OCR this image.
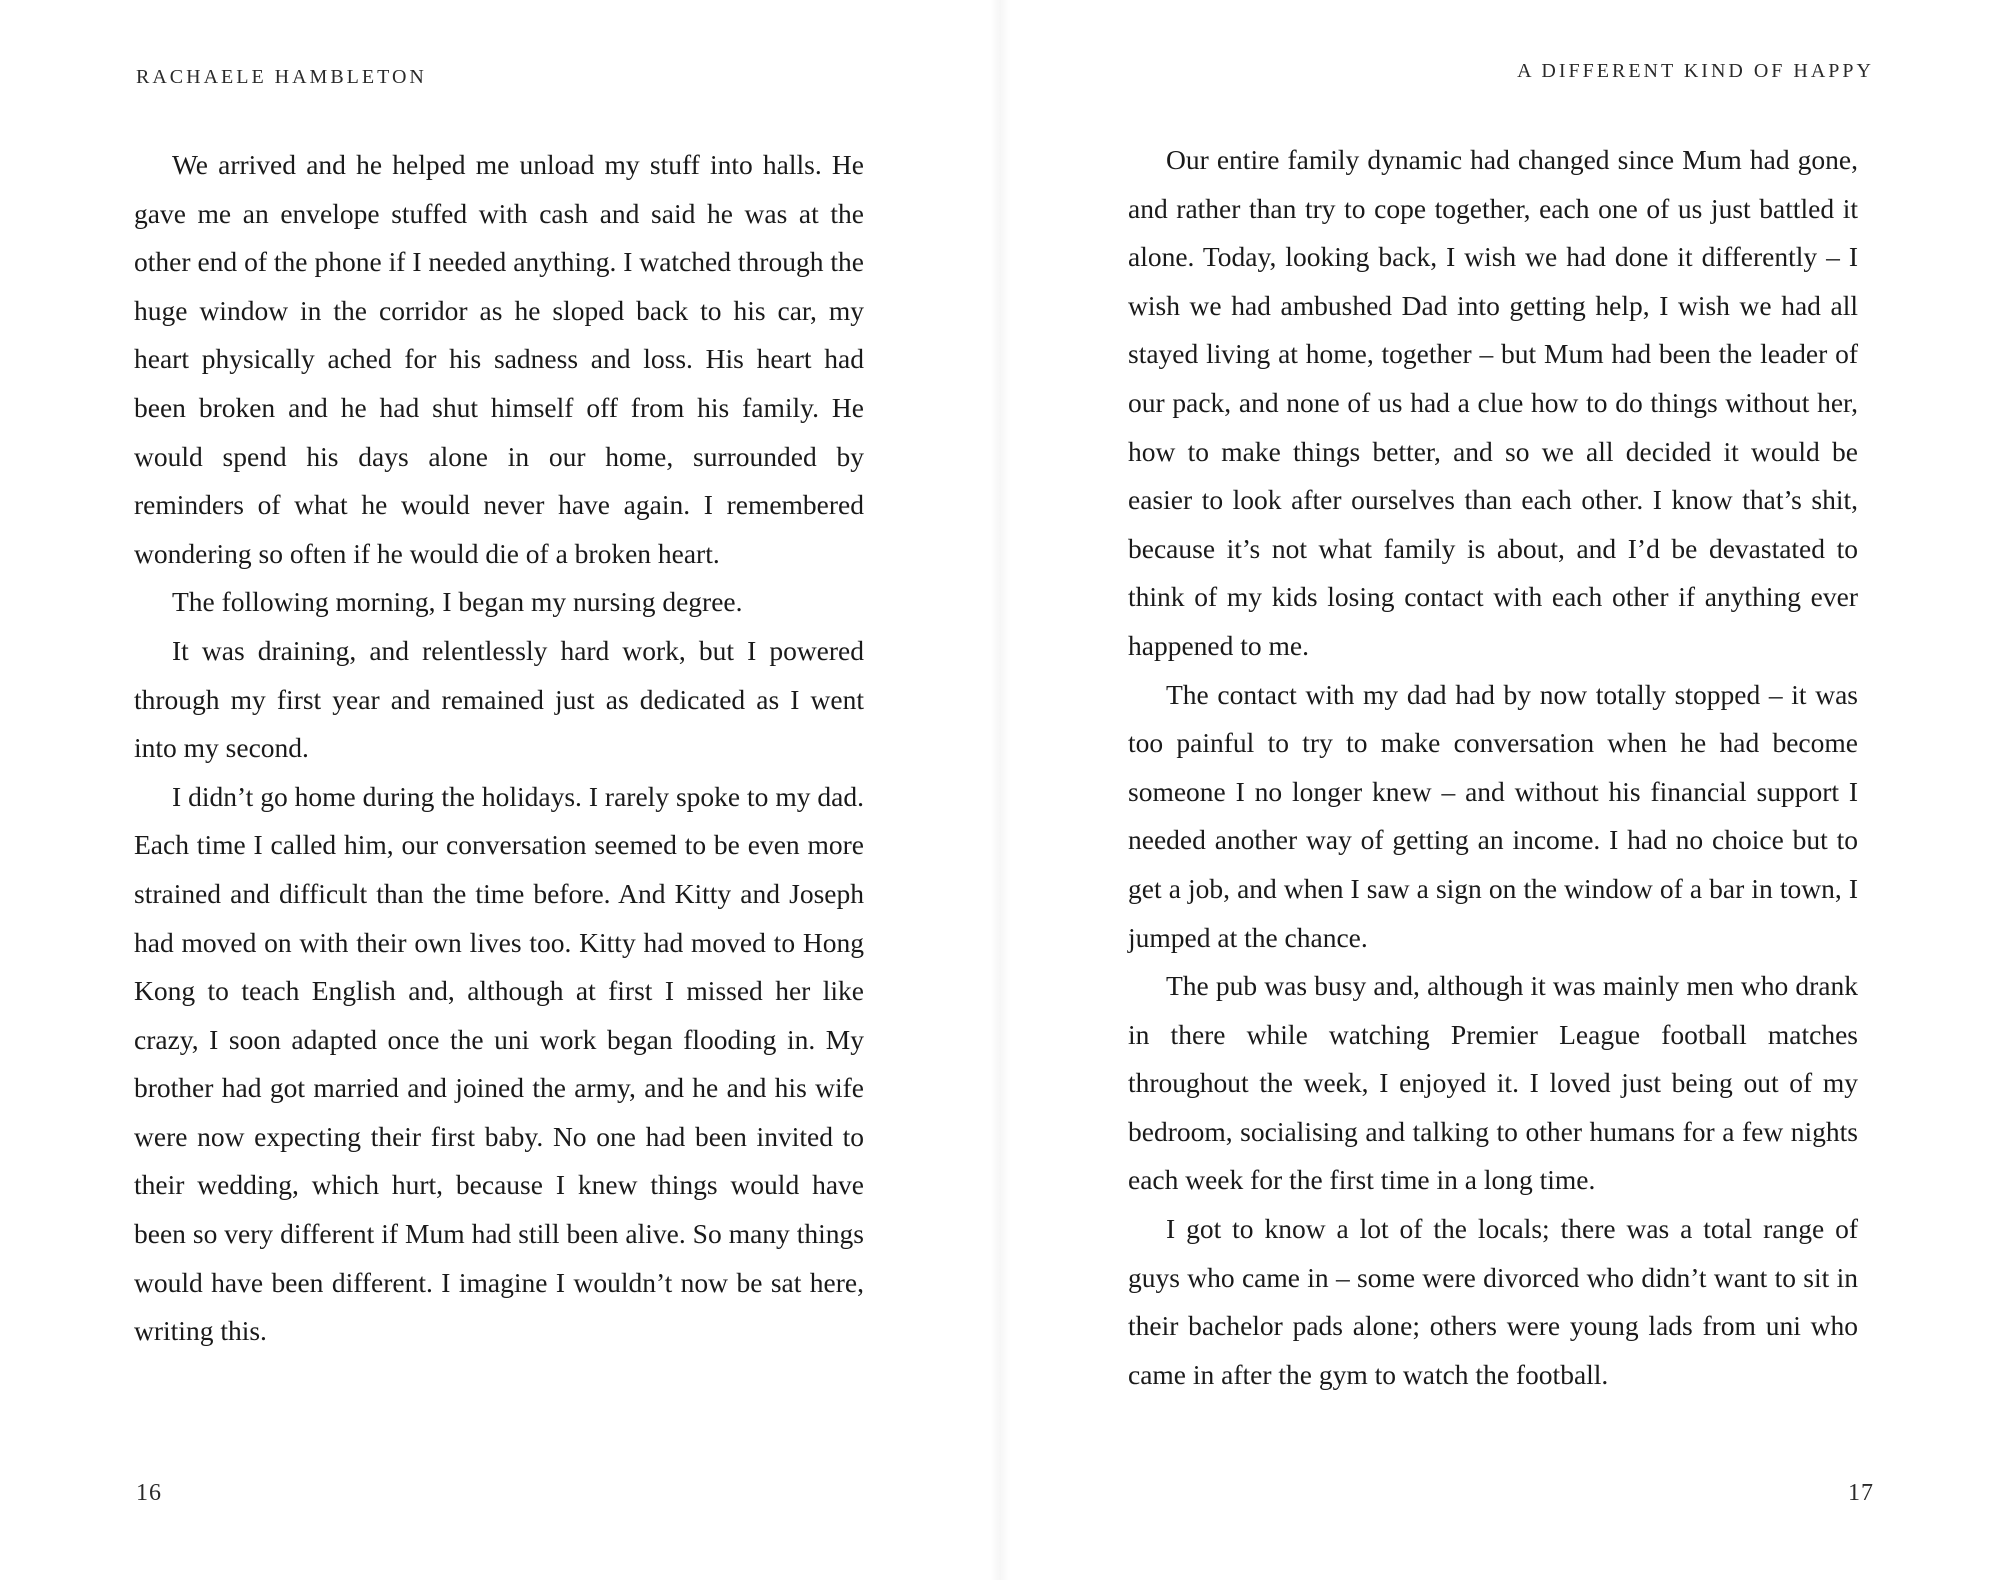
RACHAELE HAMBLETON

We arrived and he helped me unload my stuff into halls. He gave me an envelope stuffed with cash and said he was at the other end of the phone if I needed anything. I watched through the huge window in the corridor as he sloped back to his car, my heart physically ached for his sadness and loss. His heart had been broken and he had shut himself off from his family. He would spend his days alone in our home, surrounded by reminders of what he would never have again. I remembered wondering so often if he would die of a broken heart.

The following morning, I began my nursing degree.

It was draining, and relentlessly hard work, but I powered through my first year and remained just as dedicated as I went into my second.

I didn’t go home during the holidays. I rarely spoke to my dad. Each time I called him, our conversation seemed to be even more strained and difficult than the time before. And Kitty and Joseph had moved on with their own lives too. Kitty had moved to Hong Kong to teach English and, although at first I missed her like crazy, I soon adapted once the uni work began flooding in. My brother had got married and joined the army, and he and his wife were now expecting their first baby. No one had been invited to their wedding, which hurt, because I knew things would have been so very different if Mum had still been alive. So many things would have been different. I imagine I wouldn’t now be sat here, writing this.

16
A DIFFERENT KIND OF HAPPY

Our entire family dynamic had changed since Mum had gone, and rather than try to cope together, each one of us just battled it alone. Today, looking back, I wish we had done it differently – I wish we had ambushed Dad into getting help, I wish we had all stayed living at home, together – but Mum had been the leader of our pack, and none of us had a clue how to do things without her, how to make things better, and so we all decided it would be easier to look after ourselves than each other. I know that’s shit, because it’s not what family is about, and I’d be devastated to think of my kids losing contact with each other if anything ever happened to me.

The contact with my dad had by now totally stopped – it was too painful to try to make conversation when he had become someone I no longer knew – and without his financial support I needed another way of getting an income. I had no choice but to get a job, and when I saw a sign on the window of a bar in town, I jumped at the chance.

The pub was busy and, although it was mainly men who drank in there while watching Premier League football matches throughout the week, I enjoyed it. I loved just being out of my bedroom, socialising and talking to other humans for a few nights each week for the first time in a long time.

I got to know a lot of the locals; there was a total range of guys who came in – some were divorced who didn’t want to sit in their bachelor pads alone; others were young lads from uni who came in after the gym to watch the football.

17
